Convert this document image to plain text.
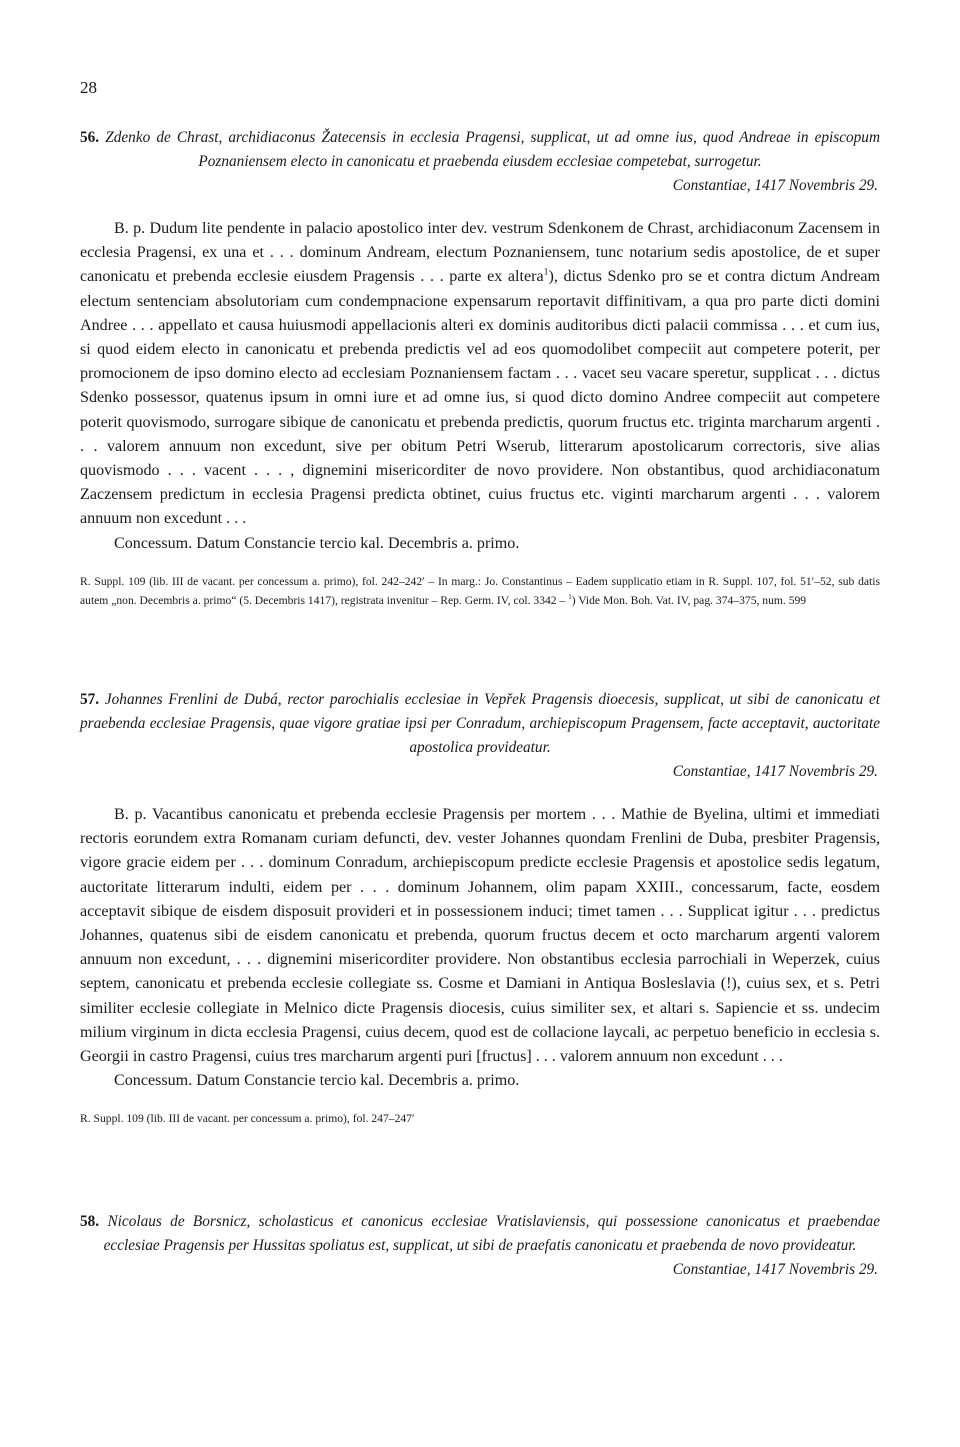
28

56. Zdenko de Chrast, archidiaconus Žatecensis in ecclesia Pragensi, supplicat, ut ad omne ius, quod Andreae in episcopum Poznaniensem electo in canonicatu et praebenda eiusdem ecclesiae competebat, surrogetur.

Constantiae, 1417 Novembris 29.

B. p. Dudum lite pendente in palacio apostolico inter dev. vestrum Sdenkonem de Chrast, archidiaconum Zacensem in ecclesia Pragensi, ex una et . . . dominum Andream, electum Poznaniensem, tunc notarium sedis apostolice, de et super canonicatu et prebenda ecclesie eiusdem Pragensis . . . parte ex altera$^1$), dictus Sdenko pro se et contra dictum Andream electum sentenciam absolutoriam cum condempnacione expensarum reportavit diffinitivam, a qua pro parte dicti domini Andree . . . appellato et causa huiusmodi appellacionis alteri ex dominis auditoribus dicti palacii commissa . . . et cum ius, si quod eidem electo in canonicatu et prebenda predictis vel ad eos quomodolibet compeciit aut competere poterit, per promocionem de ipso domino electo ad ecclesiam Poznaniensem factam . . . vacet seu vacare speretur, supplicat . . . dictus Sdenko possessor, quatenus ipsum in omni iure et ad omne ius, si quod dicto domino Andree compeciit aut competere poterit quovismodo, surrogare sibique de canonicatu et prebenda predictis, quorum fructus etc. triginta marcharum argenti . . . valorem annuum non excedunt, sive per obitum Petri Wserub, litterarum apostolicarum correctoris, sive alias quovismodo . . . vacent . . . , dignemini misericorditer de novo providere. Non obstantibus, quod archidiaconatum Zaczensem predictum in ecclesia Pragensi predicta obtinet, cuius fructus etc. viginti marcharum argenti . . . valorem annuum non excedunt . . .

Concessum. Datum Constancie tercio kal. Decembris a. primo.

R. Suppl. 109 (lib. III de vacant. per concessum a. primo), fol. 242–242′ – In marg.: Jo. Constantinus – Eadem supplicatio etiam in R. Suppl. 107, fol. 51′–52, sub datis autem „non. Decembris a. primo“ (5. Decembris 1417), registrata invenitur – Rep. Germ. IV, col. 3342 – $^1$) Vide Mon. Boh. Vat. IV, pag. 374–375, num. 599

57. Johannes Frenlini de Dubá, rector parochialis ecclesiae in Vepřek Pragensis dioecesis, supplicat, ut sibi de canonicatu et praebenda ecclesiae Pragensis, quae vigore gratiae ipsi per Conradum, archiepiscopum Pragensem, facte acceptavit, auctoritate apostolica provideatur.

Constantiae, 1417 Novembris 29.

B. p. Vacantibus canonicatu et prebenda ecclesie Pragensis per mortem . . . Mathie de Byelina, ultimi et immediati rectoris eorundem extra Romanam curiam defuncti, dev. vester Johannes quondam Frenlini de Duba, presbiter Pragensis, vigore gracie eidem per . . . dominum Conradum, archiepiscopum predicte ecclesie Pragensis et apostolice sedis legatum, auctoritate litterarum indulti, eidem per . . . dominum Johannem, olim papam XXIII., concessarum, facte, eosdem acceptavit sibique de eisdem disposuit provideri et in possessionem induci; timet tamen . . . Supplicat igitur . . . predictus Johannes, quatenus sibi de eisdem canonicatu et prebenda, quorum fructus decem et octo marcharum argenti valorem annuum non excedunt, . . . dignemini misericorditer providere. Non obstantibus ecclesia parrochiali in Weperzek, cuius septem, canonicatu et prebenda ecclesie collegiate ss. Cosme et Damiani in Antiqua Bosleslavia (!), cuius sex, et s. Petri similiter ecclesie collegiate in Melnico dicte Pragensis diocesis, cuius similiter sex, et altari s. Sapiencie et ss. undecim milium virginum in dicta ecclesia Pragensi, cuius decem, quod est de collacione laycali, ac perpetuo beneficio in ecclesia s. Georgii in castro Pragensi, cuius tres marcharum argenti puri [fructus] . . . valorem annuum non excedunt . . .

Concessum. Datum Constancie tercio kal. Decembris a. primo.

R. Suppl. 109 (lib. III de vacant. per concessum a. primo), fol. 247–247′

58. Nicolaus de Borsnicz, scholasticus et canonicus ecclesiae Vratislaviensis, qui possessione canonicatus et praebendae ecclesiae Pragensis per Hussitas spoliatus est, supplicat, ut sibi de praefatis canonicatu et praebenda de novo provideatur.

Constantiae, 1417 Novembris 29.
